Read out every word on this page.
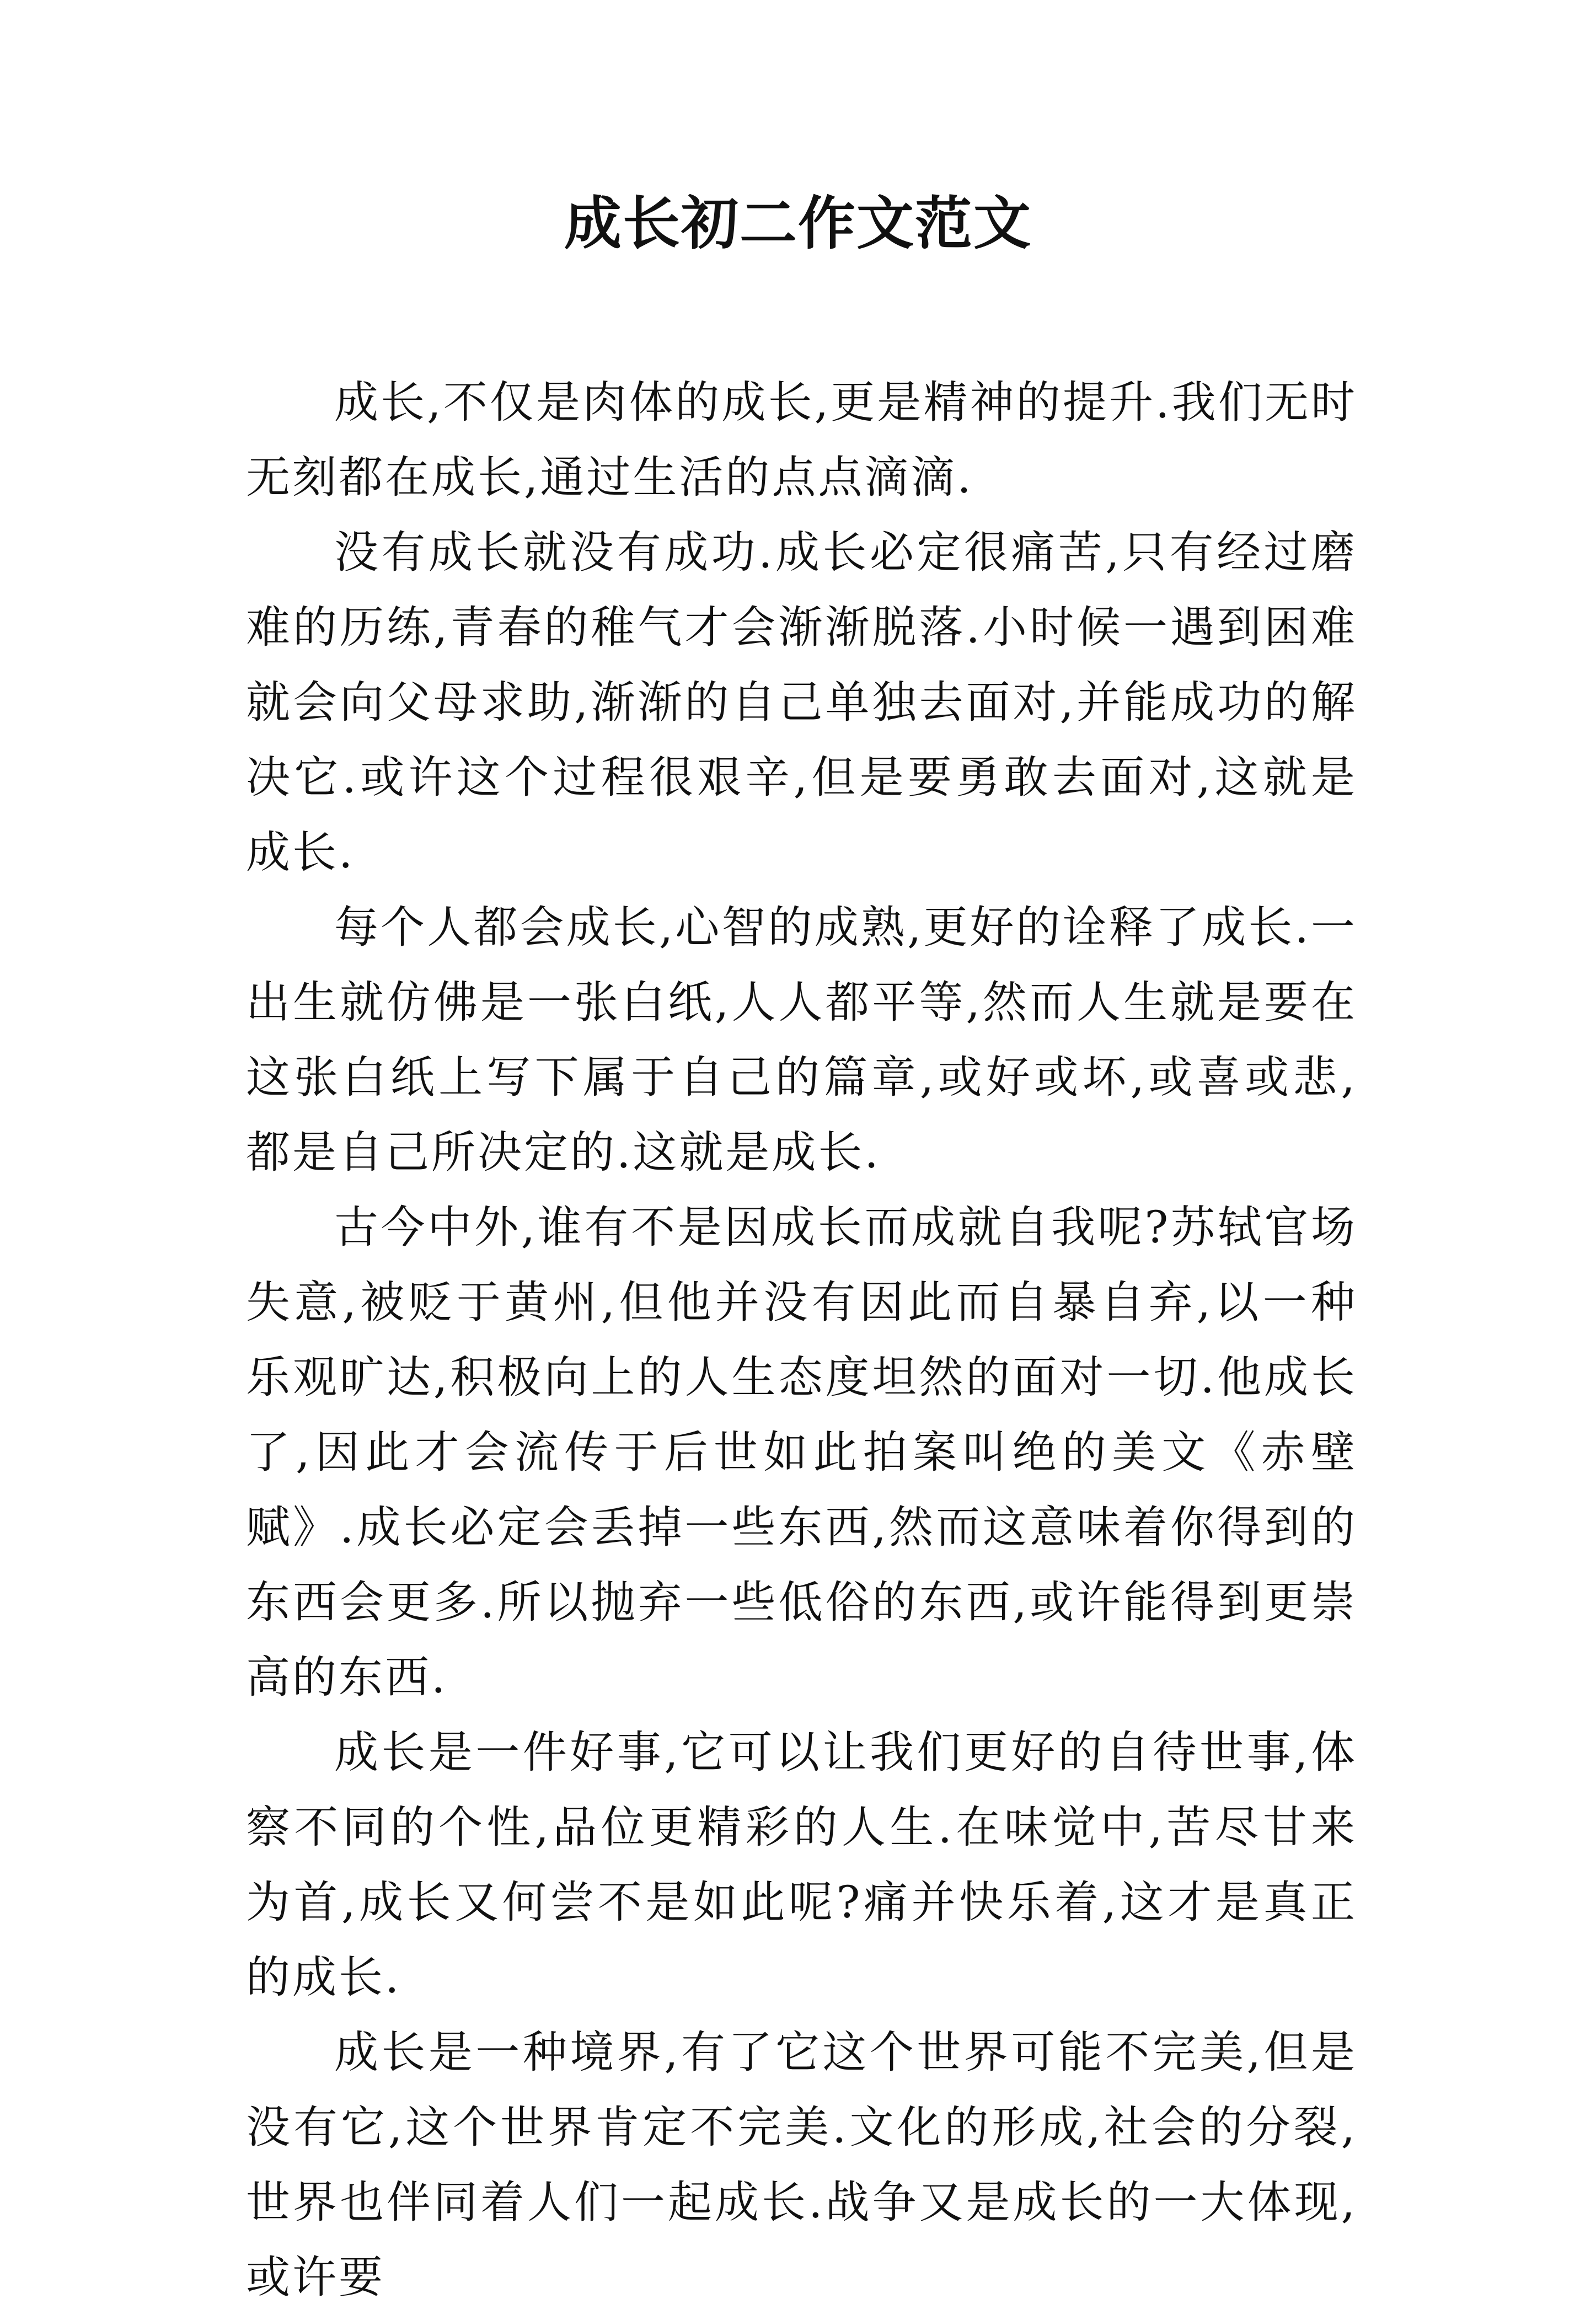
成长初二作文范文

成长,不仅是肉体的成长,更是精神的提升.我们无时无刻都在成长,通过生活的点点滴滴.

没有成长就没有成功.成长必定很痛苦,只有经过磨难的历练,青春的稚气才会渐渐脱落.小时候一遇到困难就会向父母求助,渐渐的自己单独去面对,并能成功的解决它.或许这个过程很艰辛,但是要勇敢去面对,这就是成长.

每个人都会成长,心智的成熟,更好的诠释了成长.一出生就仿佛是一张白纸,人人都平等,然而人生就是要在这张白纸上写下属于自己的篇章,或好或坏,或喜或悲,都是自己所决定的.这就是成长.

古今中外,谁有不是因成长而成就自我呢?苏轼官场失意,被贬于黄州,但他并没有因此而自暴自弃,以一种乐观旷达,积极向上的人生态度坦然的面对一切.他成长了,因此才会流传于后世如此拍案叫绝的美文《赤壁赋》.成长必定会丢掉一些东西,然而这意味着你得到的东西会更多.所以抛弃一些低俗的东西,或许能得到更崇高的东西.

成长是一件好事,它可以让我们更好的自待世事,体察不同的个性,品位更精彩的人生.在味觉中,苦尽甘来为首,成长又何尝不是如此呢?痛并快乐着,这才是真正的成长.

成长是一种境界,有了它这个世界可能不完美,但是没有它,这个世界肯定不完美.文化的形成,社会的分裂,世界也伴同着人们一起成长.战争又是成长的一大体现,或许要
